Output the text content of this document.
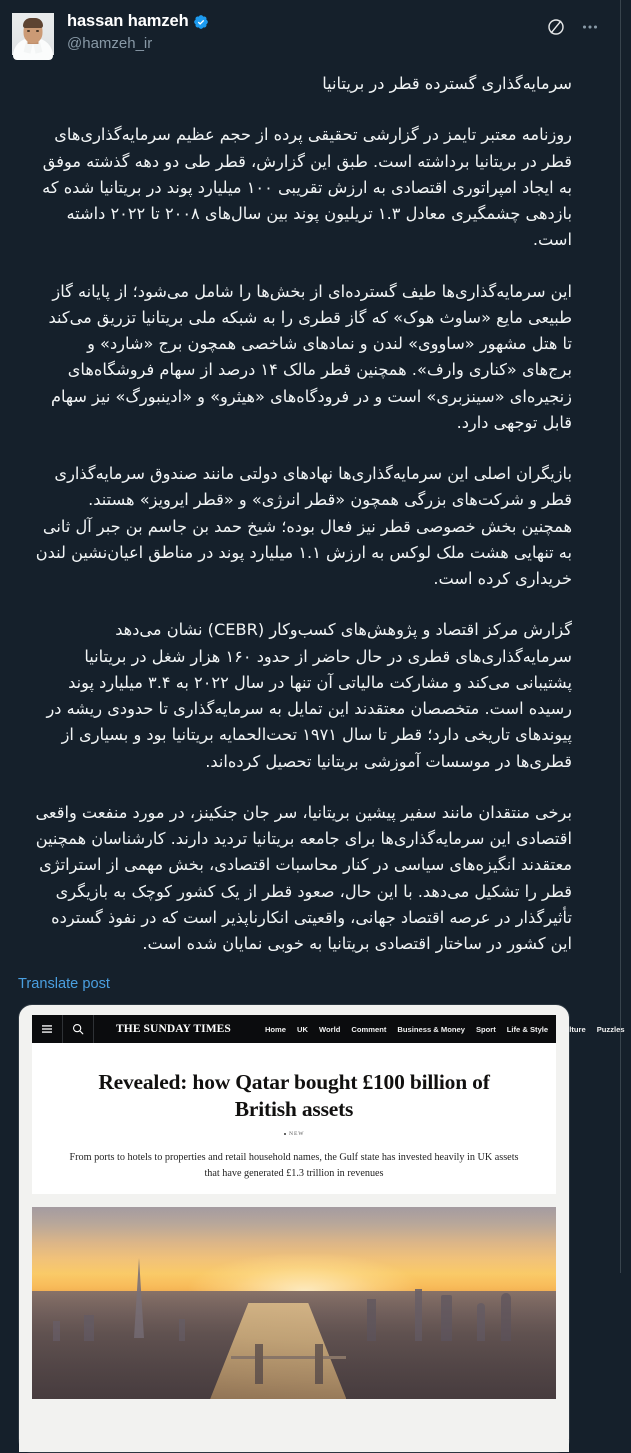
hassan hamzeh
@hamzeh_ir

سرمایه‌گذاری گسترده قطر در بریتانیا

روزنامه معتبر تایمز در گزارشی تحقیقی پرده از حجم عظیم سرمایه‌گذاری‌های قطر در بریتانیا برداشته است. طبق این گزارش، قطر طی دو دهه گذشته موفق به ایجاد امپراتوری اقتصادی به ارزش تقریبی ۱۰۰ میلیارد پوند در بریتانیا شده که بازدهی چشمگیری معادل ۱.۳ تریلیون پوند بین سال‌های ۲۰۰۸ تا ۲۰۲۲ داشته است.

این سرمایه‌گذاری‌ها طیف گسترده‌ای از بخش‌ها را شامل می‌شود؛ از پایانه گاز طبیعی مایع «ساوث هوک» که گاز قطری را به شبکه ملی بریتانیا تزریق می‌کند تا هتل مشهور «ساووی» لندن و نمادهای شاخصی همچون برج «شارد» و برج‌های «کناری وارف». همچنین قطر مالک ۱۴ درصد از سهام فروشگاه‌های زنجیره‌ای «سینزبری» است و در فرودگاه‌های «هیثرو» و «ادینبورگ» نیز سهام قابل توجهی دارد.

بازیگران اصلی این سرمایه‌گذاری‌ها نهادهای دولتی مانند صندوق سرمایه‌گذاری قطر و شرکت‌های بزرگی همچون «قطر انرژی» و «قطر ایرویز» هستند. همچنین بخش خصوصی قطر نیز فعال بوده؛ شیخ حمد بن جاسم بن جبر آل ثانی به تنهایی هشت ملک لوکس به ارزش ۱.۱ میلیارد پوند در مناطق اعیان‌نشین لندن خریداری کرده است.

گزارش مرکز اقتصاد و پژوهش‌های کسب‌وکار (CEBR) نشان می‌دهد سرمایه‌گذاری‌های قطری در حال حاضر از حدود ۱۶۰ هزار شغل در بریتانیا پشتیبانی می‌کند و مشارکت مالیاتی آن تنها در سال ۲۰۲۲ به ۳.۴ میلیارد پوند رسیده است. متخصصان معتقدند این تمایل به سرمایه‌گذاری تا حدودی ریشه در پیوندهای تاریخی دارد؛ قطر تا سال ۱۹۷۱ تحت‌الحمایه بریتانیا بود و بسیاری از قطری‌ها در موسسات آموزشی بریتانیا تحصیل کرده‌اند.

برخی منتقدان مانند سفیر پیشین بریتانیا، سر جان جنکینز، در مورد منفعت واقعی اقتصادی این سرمایه‌گذاری‌ها برای جامعه بریتانیا تردید دارند. کارشناسان همچنین معتقدند انگیزه‌های سیاسی در کنار محاسبات اقتصادی، بخش مهمی از استراتژی قطر را تشکیل می‌دهد. با این حال، صعود قطر از یک کشور کوچک به بازیگری تأثیرگذار در عرصه اقتصاد جهانی، واقعیتی انکارناپذیر است که در نفوذ گسترده این کشور در ساختار اقتصادی بریتانیا به خوبی نمایان شده است.

Translate post
THE SUNDAY TIMES	Home UK World Comment Business & Money Sport Life & Style Culture Puzzles
Revealed: how Qatar bought £100 billion of British assets
NEW
From ports to hotels to properties and retail household names, the Gulf state has invested heavily in UK assets that have generated £1.3 trillion in revenues
